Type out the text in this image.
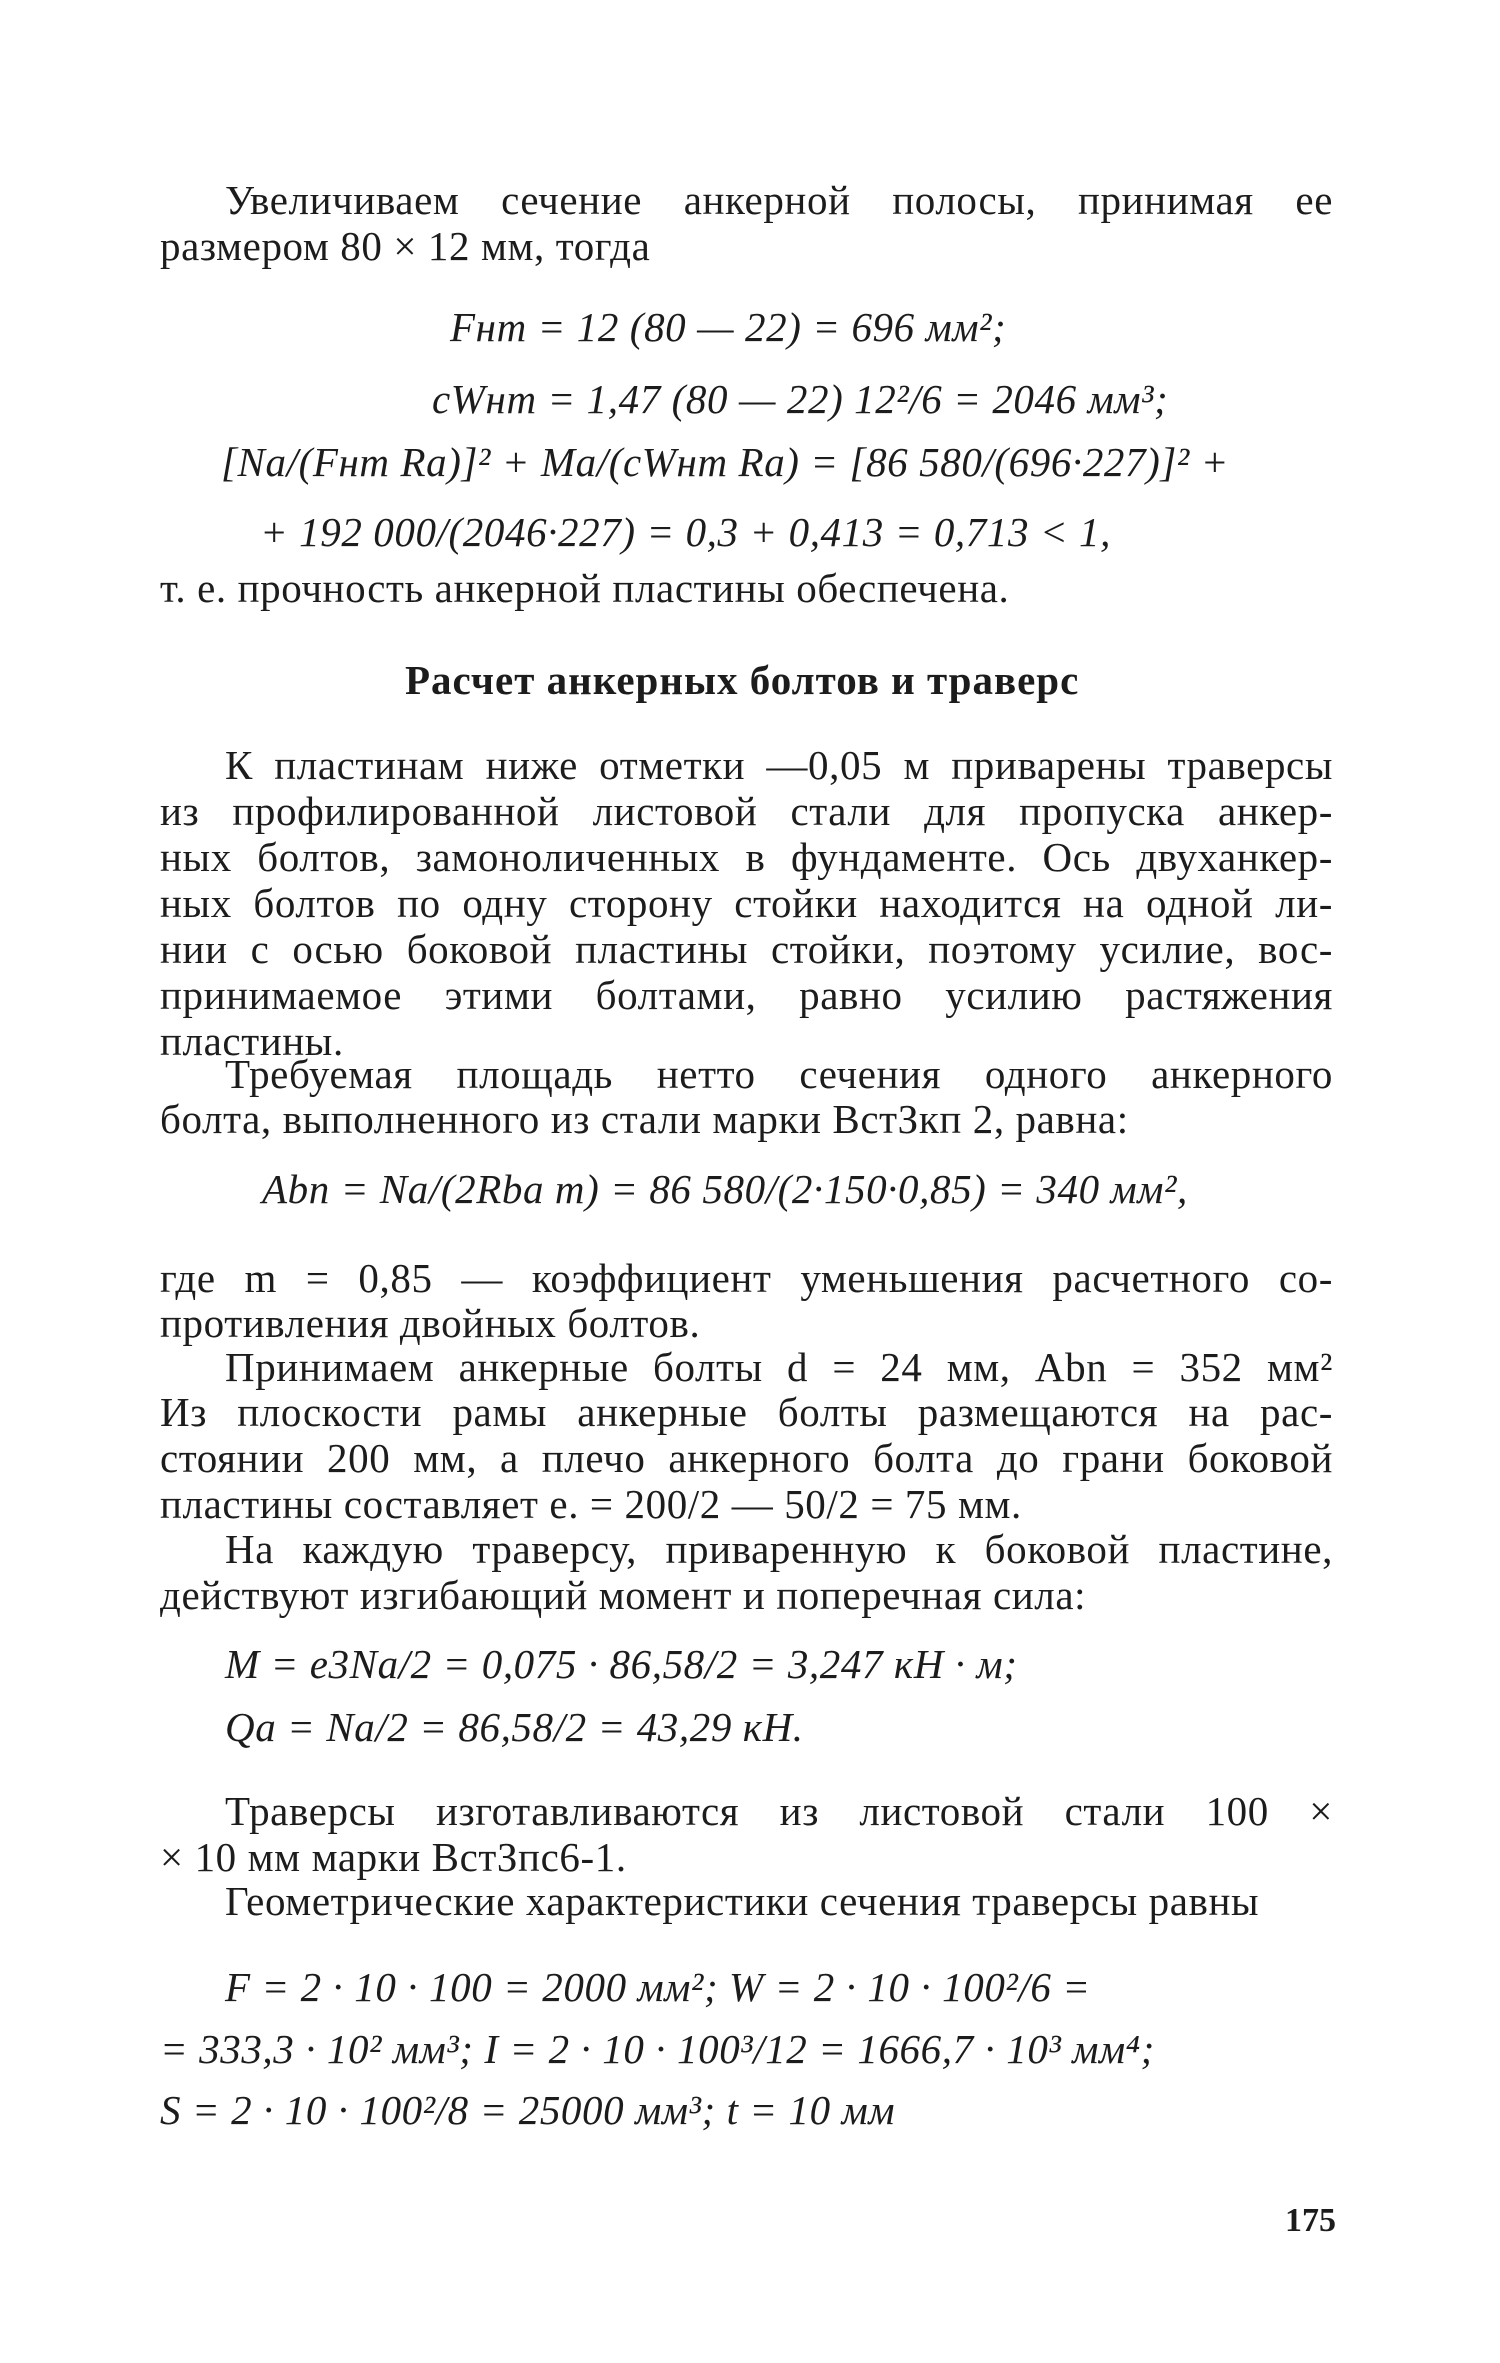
Увеличиваем сечение анкерной полосы, принимая ее
размером 80 × 12 мм, тогда
Fнт = 12 (80 — 22) = 696 мм²;
cWнт = 1,47 (80 — 22) 12²/6 = 2046 мм³;
[Na/(Fнт Ra)]² + Ma/(cWнт Ra) = [86 580/(696·227)]² +
+ 192 000/(2046·227) = 0,3 + 0,413 = 0,713 < 1,
т. е. прочность анкерной пластины обеспечена.
Расчет анкерных болтов и траверс
К пластинам ниже отметки —0,05 м приварены траверсы
из профилированной листовой стали для пропуска анкер-
ных болтов, замоноличенных в фундаменте. Ось двуханкер-
ных болтов по одну сторону стойки находится на одной ли-
нии с осью боковой пластины стойки, поэтому усилие, вос-
принимаемое этими болтами, равно усилию растяжения
пластины.
Требуемая площадь нетто сечения одного анкерного
болта, выполненного из стали марки ВстЗкп 2, равна:
Abn = Na/(2Rba m) = 86 580/(2·150·0,85) = 340 мм²,
где m = 0,85 — коэффициент уменьшения расчетного со-
противления двойных болтов.
Принимаем анкерные болты d = 24 мм, Abn = 352 мм²
Из плоскости рамы анкерные болты размещаются на рас-
стоянии 200 мм, а плечо анкерного болта до грани боковой
пластины составляет e. = 200/2 — 50/2 = 75 мм.
На каждую траверсу, приваренную к боковой пластине,
действуют изгибающий момент и поперечная сила:
M = e3Na/2 = 0,075 · 86,58/2 = 3,247 кН · м;
Qa = Na/2 = 86,58/2 = 43,29 кН.
Траверсы изготавливаются из листовой стали 100 ×
× 10 мм марки ВстЗпс6-1.
Геометрические характеристики сечения траверсы равны
F = 2 · 10 · 100 = 2000 мм²; W = 2 · 10 · 100²/6 =
= 333,3 · 10² мм³; I = 2 · 10 · 100³/12 = 1666,7 · 10³ мм⁴;
S = 2 · 10 · 100²/8 = 25000 мм³; t = 10 мм
175
